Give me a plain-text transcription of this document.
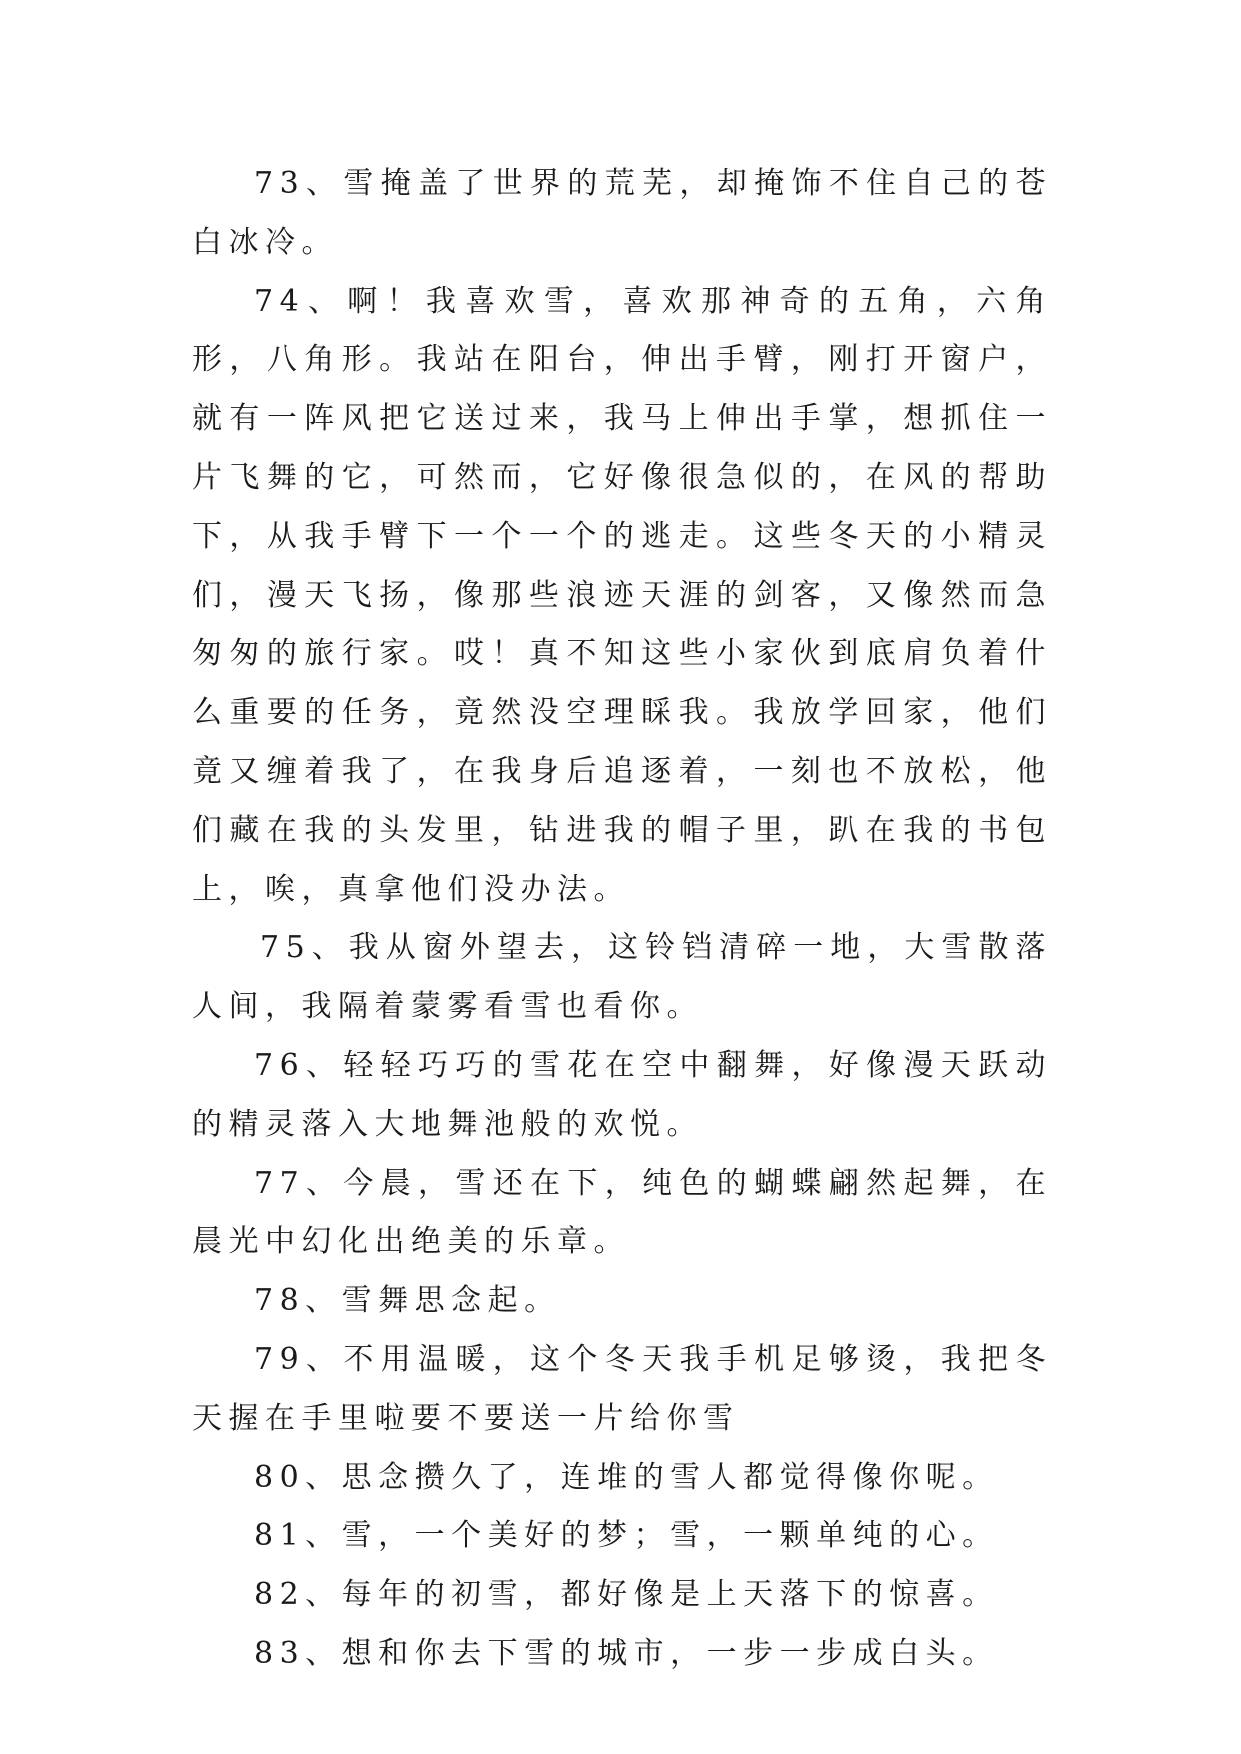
73、雪掩盖了世界的荒芜，却掩饰不住自己的苍白冰冷。

74、啊！我喜欢雪，喜欢那神奇的五角，六角形，八角形。我站在阳台，伸出手臂，刚打开窗户，就有一阵风把它送过来，我马上伸出手掌，想抓住一片飞舞的它，可然而，它好像很急似的，在风的帮助下，从我手臂下一个一个的逃走。这些冬天的小精灵们，漫天飞扬，像那些浪迹天涯的剑客，又像然而急匆匆的旅行家。哎！真不知这些小家伙到底肩负着什么重要的任务，竟然没空理睬我。我放学回家，他们竟又缠着我了，在我身后追逐着，一刻也不放松，他们藏在我的头发里，钻进我的帽子里，趴在我的书包上，唉，真拿他们没办法。

75、我从窗外望去，这铃铛清碎一地，大雪散落人间，我隔着蒙雾看雪也看你。

76、轻轻巧巧的雪花在空中翻舞，好像漫天跃动的精灵落入大地舞池般的欢悦。

77、今晨，雪还在下，纯色的蝴蝶翩然起舞，在晨光中幻化出绝美的乐章。

78、雪舞思念起。

79、不用温暖，这个冬天我手机足够烫，我把冬天握在手里啦要不要送一片给你雪

80、思念攒久了，连堆的雪人都觉得像你呢。

81、雪，一个美好的梦；雪，一颗单纯的心。

82、每年的初雪，都好像是上天落下的惊喜。

83、想和你去下雪的城市，一步一步成白头。
